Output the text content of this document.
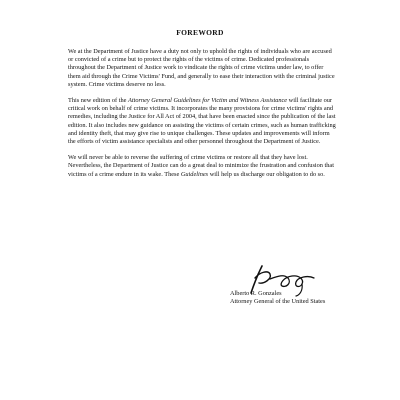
FOREWORD

We at the Department of Justice have a duty not only to uphold the rights of individuals who are accused or convicted of a crime but to protect the rights of the victims of crime. Dedicated professionals throughout the Department of Justice work to vindicate the rights of crime victims under law, to offer them aid through the Crime Victims' Fund, and generally to ease their interaction with the criminal justice system. Crime victims deserve no less.

This new edition of the Attorney General Guidelines for Victim and Witness Assistance will facilitate our critical work on behalf of crime victims. It incorporates the many provisions for crime victims' rights and remedies, including the Justice for All Act of 2004, that have been enacted since the publication of the last edition. It also includes new guidance on assisting the victims of certain crimes, such as human trafficking and identity theft, that may give rise to unique challenges. These updates and improvements will inform the efforts of victim assistance specialists and other personnel throughout the Department of Justice.

We will never be able to reverse the suffering of crime victims or restore all that they have lost. Nevertheless, the Department of Justice can do a great deal to minimize the frustration and confusion that victims of a crime endure in its wake. These Guidelines will help us discharge our obligation to do so.

Alberto R. Gonzales
Attorney General of the United States
